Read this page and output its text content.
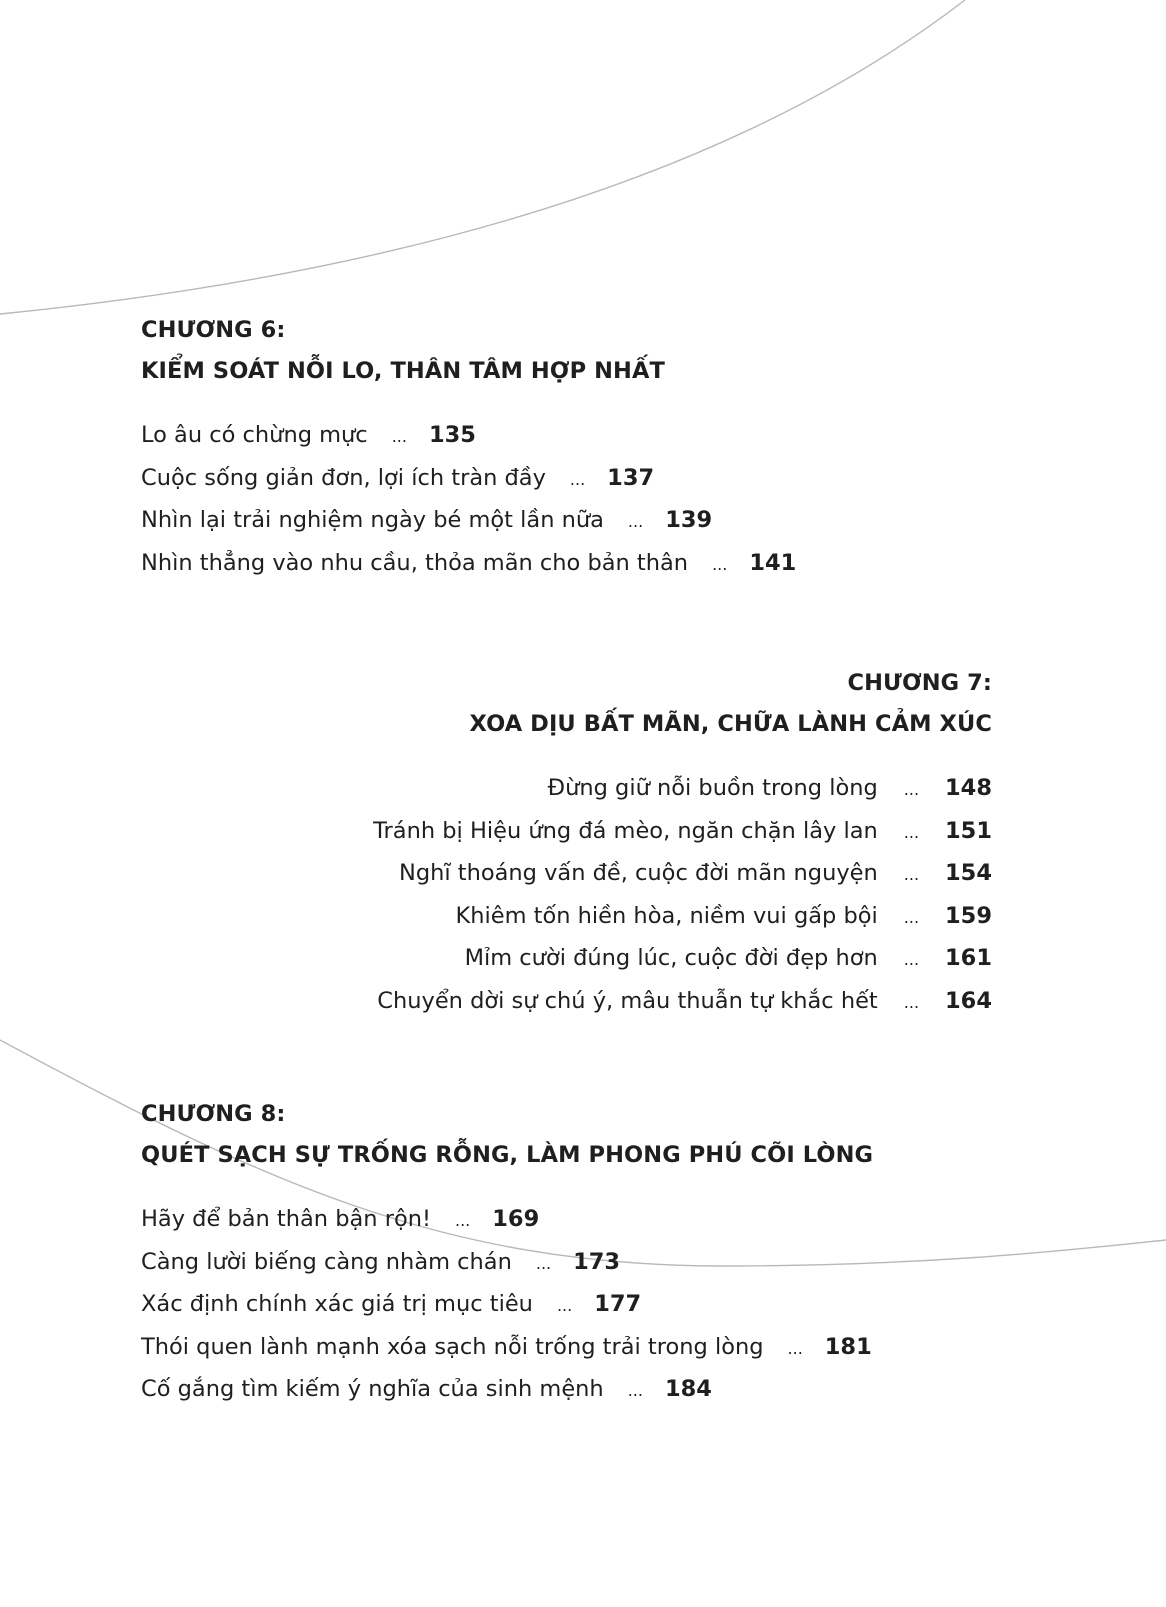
CHƯƠNG 6:
KIỂM SOÁT NỖI LO, THÂN TÂM HỢP NHẤT
Lo âu có chừng mực ... 135
Cuộc sống giản đơn, lợi ích tràn đầy ... 137
Nhìn lại trải nghiệm ngày bé một lần nữa ... 139
Nhìn thẳng vào nhu cầu, thỏa mãn cho bản thân ... 141
CHƯƠNG 7:
XOA DỊU BẤT MÃN, CHỮA LÀNH CẢM XÚC
Đừng giữ nỗi buồn trong lòng ... 148
Tránh bị Hiệu ứng đá mèo, ngăn chặn lây lan ... 151
Nghĩ thoáng vấn đề, cuộc đời mãn nguyện ... 154
Khiêm tốn hiền hòa, niềm vui gấp bội ... 159
Mỉm cười đúng lúc, cuộc đời đẹp hơn ... 161
Chuyển dời sự chú ý, mâu thuẫn tự khắc hết ... 164
CHƯƠNG 8:
QUÉT SẠCH SỰ TRỐNG RỖNG, LÀM PHONG PHÚ CÕI LÒNG
Hãy để bản thân bận rộn! ... 169
Càng lười biếng càng nhàm chán ... 173
Xác định chính xác giá trị mục tiêu ... 177
Thói quen lành mạnh xóa sạch nỗi trống trải trong lòng ... 181
Cố gắng tìm kiếm ý nghĩa của sinh mệnh ... 184
